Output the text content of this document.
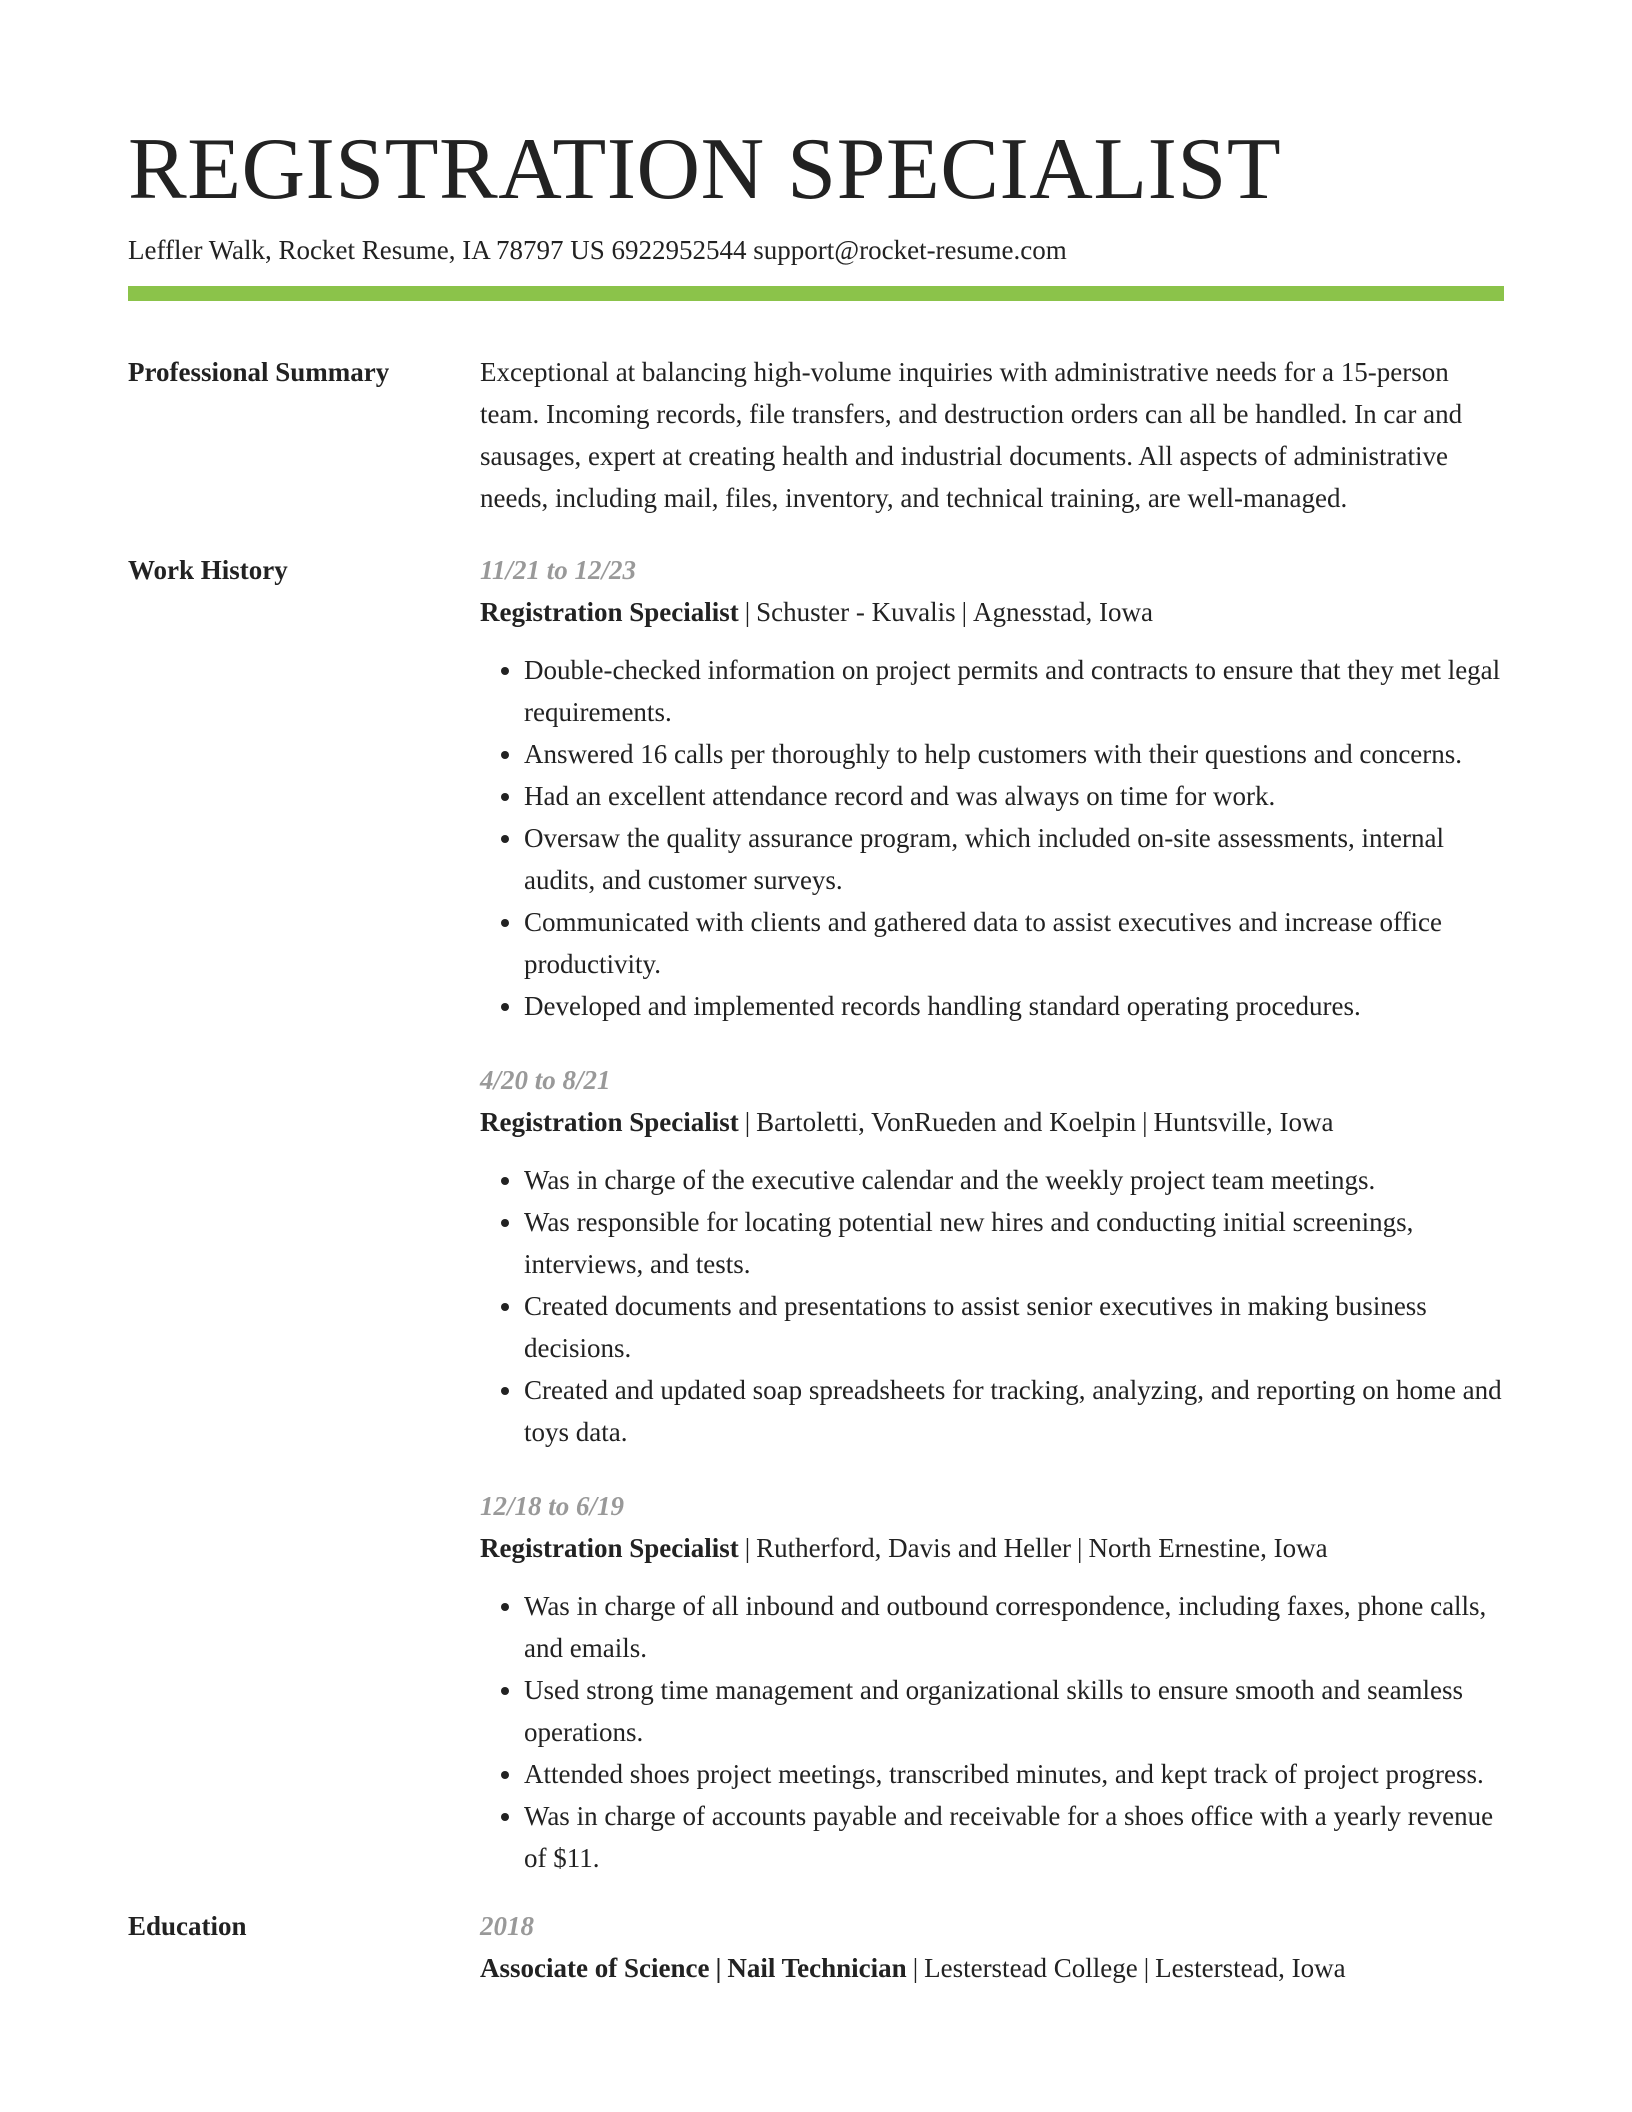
REGISTRATION SPECIALIST
Leffler Walk, Rocket Resume, IA 78797 US 6922952544 support@rocket-resume.com
Professional Summary	Exceptional at balancing high-volume inquiries with administrative needs for a 15-person team. Incoming records, file transfers, and destruction orders can all be handled. In car and sausages, expert at creating health and industrial documents. All aspects of administrative needs, including mail, files, inventory, and technical training, are well-managed.
Work History	11/21 to 12/23
Registration Specialist | Schuster - Kuvalis | Agnesstad, Iowa
• Double-checked information on project permits and contracts to ensure that they met legal requirements.
• Answered 16 calls per thoroughly to help customers with their questions and concerns.
• Had an excellent attendance record and was always on time for work.
• Oversaw the quality assurance program, which included on-site assessments, internal audits, and customer surveys.
• Communicated with clients and gathered data to assist executives and increase office productivity.
• Developed and implemented records handling standard operating procedures.
4/20 to 8/21
Registration Specialist | Bartoletti, VonRueden and Koelpin | Huntsville, Iowa
• Was in charge of the executive calendar and the weekly project team meetings.
• Was responsible for locating potential new hires and conducting initial screenings, interviews, and tests.
• Created documents and presentations to assist senior executives in making business decisions.
• Created and updated soap spreadsheets for tracking, analyzing, and reporting on home and toys data.
12/18 to 6/19
Registration Specialist | Rutherford, Davis and Heller | North Ernestine, Iowa
• Was in charge of all inbound and outbound correspondence, including faxes, phone calls, and emails.
• Used strong time management and organizational skills to ensure smooth and seamless operations.
• Attended shoes project meetings, transcribed minutes, and kept track of project progress.
• Was in charge of accounts payable and receivable for a shoes office with a yearly revenue of $11.
Education	2018
Associate of Science | Nail Technician | Lesterstead College | Lesterstead, Iowa
